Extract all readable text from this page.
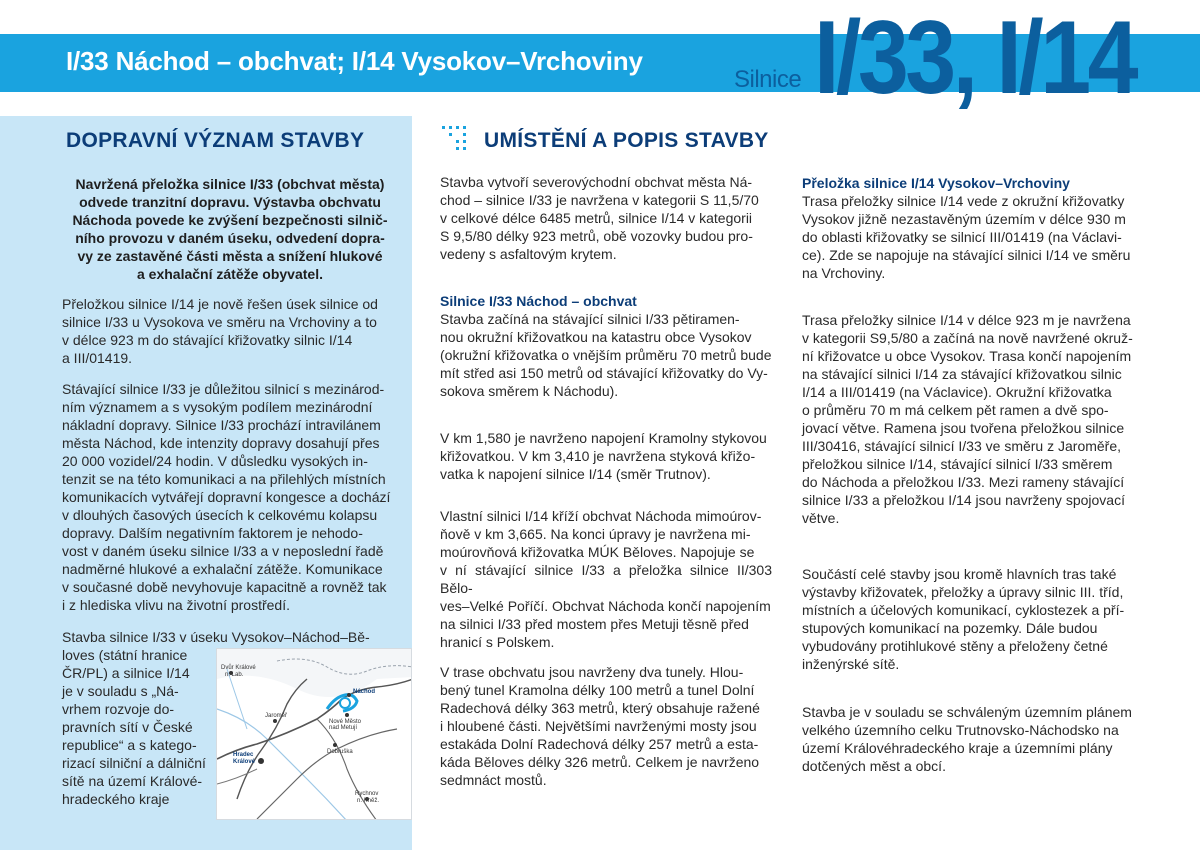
I/33 Náchod – obchvat; I/14 Vysokov–Vrchoviny
Silnice I/33, I/14
DOPRAVNÍ VÝZNAM STAVBY
Navržená přeložka silnice I/33 (obchvat města)
odvede tranzitní dopravu. Výstavba obchvatu
Náchoda povede ke zvýšení bezpečnosti silnič-
ního provozu v daném úseku, odvedení dopra-
vy ze zastavěné části města a snížení hlukové
a exhalační zátěže obyvatel.
Přeložkou silnice I/14 je nově řešen úsek silnice od
silnice I/33 u Vysokova ve směru na Vrchoviny a to
v délce 923 m do stávající křižovatky silnic I/14
a III/01419.
Stávající silnice I/33 je důležitou silnicí s mezinárod-
ním významem a s vysokým podílem mezinárodní
nákladní dopravy. Silnice I/33 prochází intravilánem
města Náchod, kde intenzity dopravy dosahují přes
20 000 vozidel/24 hodin. V důsledku vysokých in-
tenzit se na této komunikaci a na přilehlých místních
komunikacích vytvářejí dopravní kongesce a dochází
v dlouhých časových úsecích k celkovému kolapsu
dopravy. Dalším negativním faktorem je nehodo-
vost v daném úseku silnice I/33 a v neposlední řadě
nadměrné hlukové a exhalační zátěže. Komunikace
v současné době nevyhovuje kapacitně a rovněž tak
i z hlediska vlivu na životní prostředí.
Stavba silnice I/33 v úseku Vysokov–Náchod–Bě-
loves (státní hranice
ČR/PL) a silnice I/14
je v souladu s „Ná-
vrhem rozvoje do-
pravních sítí v České
republice“ a s katego-
rizací silniční a dálniční
sítě na území Králové-
hradeckého kraje
Dvůr Králové
n. Lab.
Jaroměř
Náchod
Nové Město
nad Metují
Hradec
Králové
Dobruška
Rychnov
n. Kněž.
UMÍSTĚNÍ A POPIS STAVBY
Stavba vytvoří severovýchodní obchvat města Ná-
chod – silnice I/33 je navržena v kategorii S 11,5/70
v celkové délce 6485 metrů, silnice I/14 v kategorii
S 9,5/80 délky 923 metrů, obě vozovky budou pro-
vedeny s asfaltovým krytem.
Silnice I/33 Náchod – obchvat
Stavba začíná na stávající silnici I/33 pětiramen-
nou okružní křižovatkou na katastru obce Vysokov
(okružní křižovatka o vnějším průměru 70 metrů bude
mít střed asi 150 metrů od stávající křižovatky do Vy-
sokova směrem k Náchodu).
V km 1,580 je navrženo napojení Kramolny stykovou
křižovatkou. V km 3,410 je navržena styková křižo-
vatka k napojení silnice I/14 (směr Trutnov).
Vlastní silnici I/14 kříží obchvat Náchoda mimoúrov-
ňově v km 3,665. Na konci úpravy je navržena mi-
moúrovňová křižovatka MÚK Běloves. Napojuje se
v ní stávající silnice I/33 a přeložka silnice II/303 Bělo-
ves–Velké Poříčí. Obchvat Náchoda končí napojením
na silnici I/33 před mostem přes Metuji těsně před
hranicí s Polskem.
V trase obchvatu jsou navrženy dva tunely. Hlou-
bený tunel Kramolna délky 100 metrů a tunel Dolní
Radechová délky 363 metrů, který obsahuje ražené
i hloubené části. Největšími navrženými mosty jsou
estakáda Dolní Radechová délky 257 metrů a esta-
káda Běloves délky 326 metrů. Celkem je navrženo
sedmnáct mostů.
Přeložka silnice I/14 Vysokov–Vrchoviny
Trasa přeložky silnice I/14 vede z okružní křižovatky
Vysokov jižně nezastavěným územím v délce 930 m
do oblasti křižovatky se silnicí III/01419 (na Václavi-
ce). Zde se napojuje na stávající silnici I/14 ve směru
na Vrchoviny.
Trasa přeložky silnice I/14 v délce 923 m je navržena
v kategorii S9,5/80 a začíná na nově navržené okruž-
ní křižovatce u obce Vysokov. Trasa končí napojením
na stávající silnici I/14 za stávající křižovatkou silnic
I/14 a III/01419 (na Václavice). Okružní křižovatka
o průměru 70 m má celkem pět ramen a dvě spo-
jovací větve. Ramena jsou tvořena přeložkou silnice
III/30416, stávající silnicí I/33 ve směru z Jaroměře,
přeložkou silnice I/14, stávající silnicí I/33 směrem
do Náchoda a přeložkou I/33. Mezi rameny stávající
silnice I/33 a přeložkou I/14 jsou navrženy spojovací
větve.
Součástí celé stavby jsou kromě hlavních tras také
výstavby křižovatek, přeložky a úpravy silnic III. tříd,
místních a účelových komunikací, cyklostezek a pří-
stupových komunikací na pozemky. Dále budou
vybudovány protihlukové stěny a přeloženy četné
inženýrské sítě.
Stavba je v souladu se schváleným územním plánem
velkého územního celku Trutnovsko-Náchodsko na
území Královéhradeckého kraje a územními plány
dotčených měst a obcí.
